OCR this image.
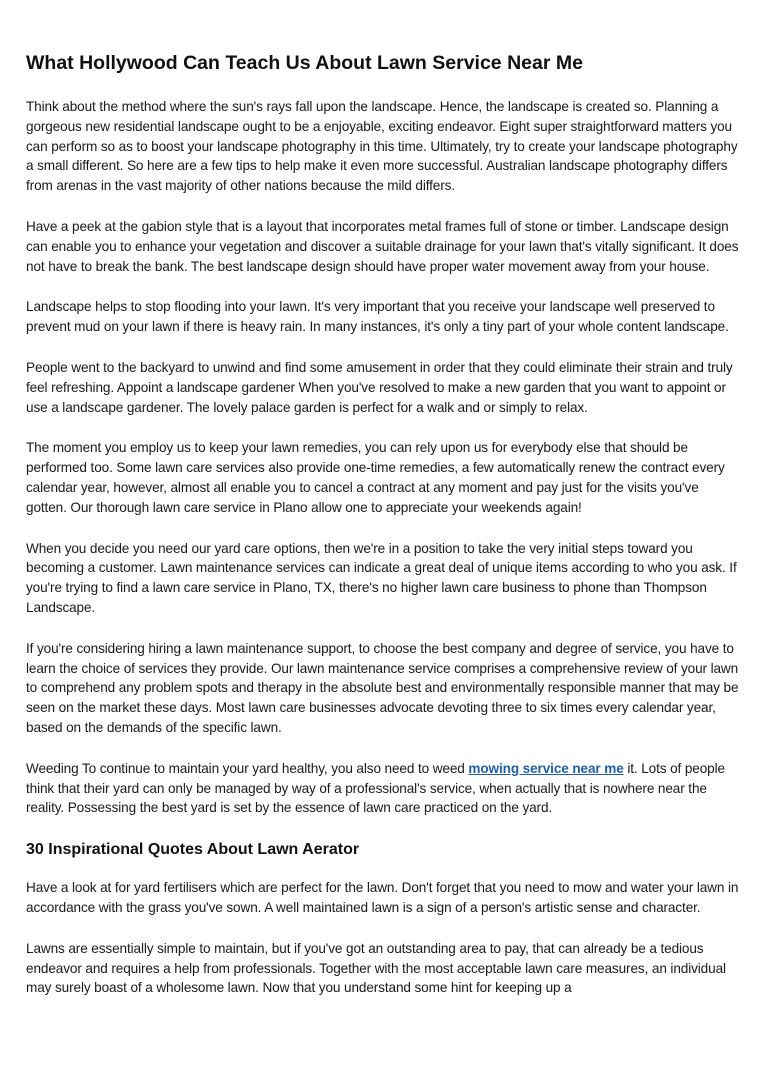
What Hollywood Can Teach Us About Lawn Service Near Me

Think about the method where the sun's rays fall upon the landscape. Hence, the landscape is created so. Planning a gorgeous new residential landscape ought to be a enjoyable, exciting endeavor. Eight super straightforward matters you can perform so as to boost your landscape photography in this time. Ultimately, try to create your landscape photography a small different. So here are a few tips to help make it even more successful. Australian landscape photography differs from arenas in the vast majority of other nations because the mild differs.

Have a peek at the gabion style that is a layout that incorporates metal frames full of stone or timber. Landscape design can enable you to enhance your vegetation and discover a suitable drainage for your lawn that's vitally significant. It does not have to break the bank. The best landscape design should have proper water movement away from your house.

Landscape helps to stop flooding into your lawn. It's very important that you receive your landscape well preserved to prevent mud on your lawn if there is heavy rain. In many instances, it's only a tiny part of your whole content landscape.

People went to the backyard to unwind and find some amusement in order that they could eliminate their strain and truly feel refreshing. Appoint a landscape gardener When you've resolved to make a new garden that you want to appoint or use a landscape gardener. The lovely palace garden is perfect for a walk and or simply to relax.

The moment you employ us to keep your lawn remedies, you can rely upon us for everybody else that should be performed too. Some lawn care services also provide one-time remedies, a few automatically renew the contract every calendar year, however, almost all enable you to cancel a contract at any moment and pay just for the visits you've gotten. Our thorough lawn care service in Plano allow one to appreciate your weekends again!

When you decide you need our yard care options, then we're in a position to take the very initial steps toward you becoming a customer. Lawn maintenance services can indicate a great deal of unique items according to who you ask. If you're trying to find a lawn care service in Plano, TX, there's no higher lawn care business to phone than Thompson Landscape.

If you're considering hiring a lawn maintenance support, to choose the best company and degree of service, you have to learn the choice of services they provide. Our lawn maintenance service comprises a comprehensive review of your lawn to comprehend any problem spots and therapy in the absolute best and environmentally responsible manner that may be seen on the market these days. Most lawn care businesses advocate devoting three to six times every calendar year, based on the demands of the specific lawn.

Weeding To continue to maintain your yard healthy, you also need to weed mowing service near me it. Lots of people think that their yard can only be managed by way of a professional's service, when actually that is nowhere near the reality. Possessing the best yard is set by the essence of lawn care practiced on the yard.

30 Inspirational Quotes About Lawn Aerator

Have a look at for yard fertilisers which are perfect for the lawn. Don't forget that you need to mow and water your lawn in accordance with the grass you've sown. A well maintained lawn is a sign of a person's artistic sense and character.

Lawns are essentially simple to maintain, but if you've got an outstanding area to pay, that can already be a tedious endeavor and requires a help from professionals. Together with the most acceptable lawn care measures, an individual may surely boast of a wholesome lawn. Now that you understand some hint for keeping up a
